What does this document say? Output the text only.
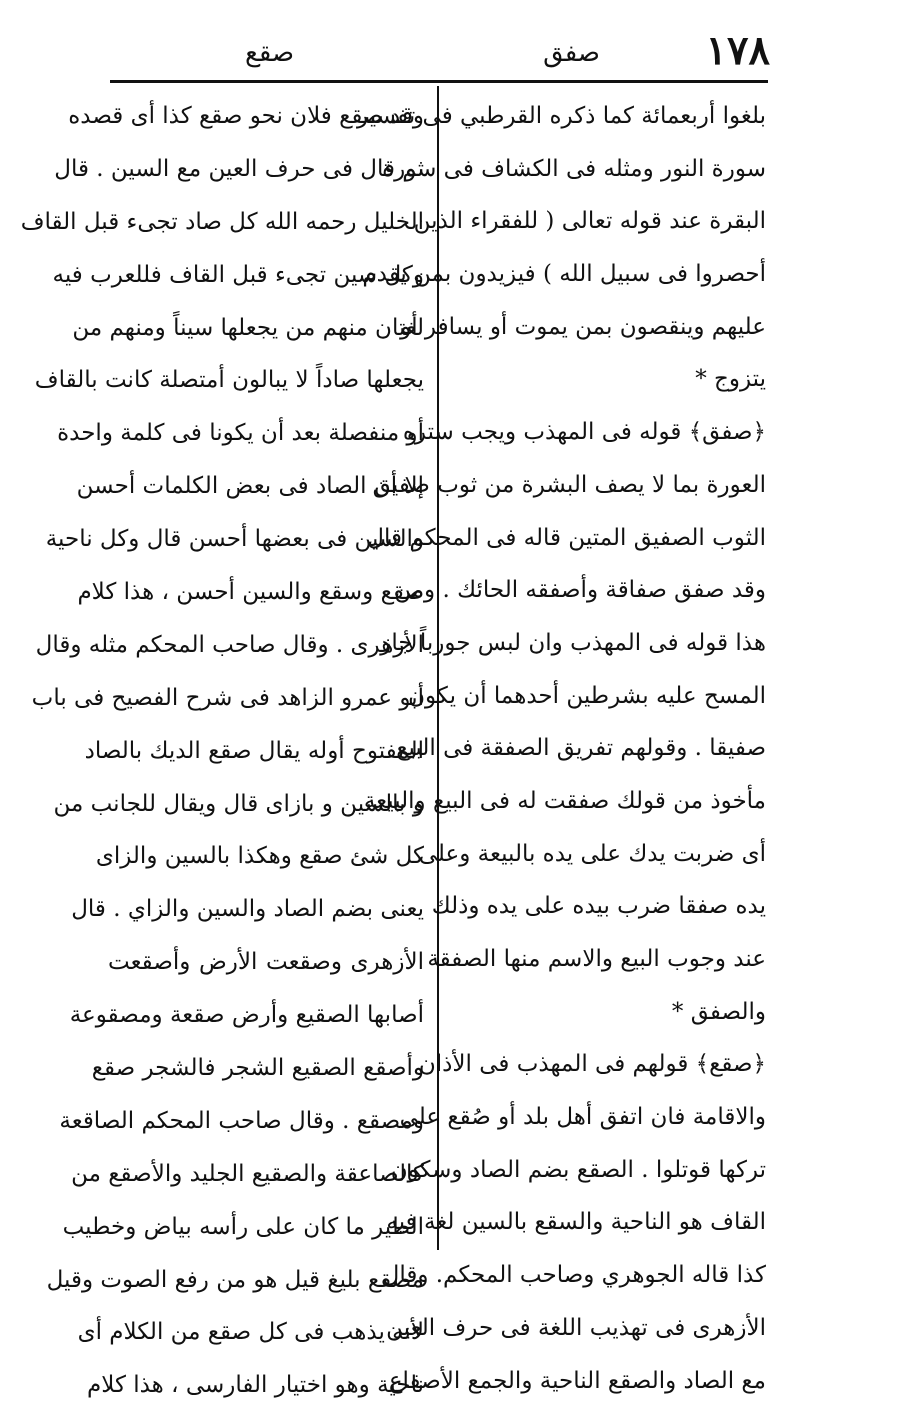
١٧٨
صفق
صقع
بلغوا أربعمائة كما ذكره القرطبي فى تفسير
سورة النور ومثله فى الكشاف فى سورة
البقرة عند قوله تعالى ( للفقراء الذين
أحصروا فى سبيل الله ) فيزيدون بمن يقدم
عليهم وينقصون بمن يموت أو يسافر أو
يتزوج *
﴿صفق﴾ قوله فى المهذب ويجب ستره
العورة بما لا يصف البشرة من ثوب صفيق
الثوب الصفيق المتين قاله فى المحكم قال
وقد صفق صفاقة وأصفقه الحائك . ومن
هذا قوله فى المهذب وان لبس جورباً جاز
المسح عليه بشرطين أحدهما أن يكون
صفيقا . وقولهم تفريق الصفقة فى البيع
مأخوذ من قولك صفقت له فى البيع والبيعة
أى ضربت يدك على يده بالبيعة وعلى
يده صفقا ضرب بيده على يده وذلك
عند وجوب البيع والاسم منها الصفقة
والصفق *
﴿صقع﴾ قولهم فى المهذب فى الأذان
والاقامة فان اتفق أهل بلد أو صُقع على
تركها قوتلوا . الصقع بضم الصاد وسكون
القاف هو الناحية والسقع بالسين لغة فيه
كذا قاله الجوهري وصاحب المحكم. وقال
الأزهرى فى تهذيب اللغة فى حرف العين
مع الصاد والصقع الناحية والجمع الأصقاع
وقد صقع فلان نحو صقع كذا أى قصده
ثم قال فى حرف العين مع السين . قال
الخليل رحمه الله كل صاد تجىء قبل القاف
وكل سين تجىء قبل القاف فللعرب فيه
لغتان منهم من يجعلها سيناً ومنهم من
يجعلها صاداً لا يبالون أمتصلة كانت بالقاف
أو منفصلة بعد أن يكونا فى كلمة واحدة
إلا أن الصاد فى بعض الكلمات أحسن
والسين فى بعضها أحسن قال وكل ناحية
صقع وسقع والسين أحسن ، هذا كلام
الأزهرى . وقال صاحب المحكم مثله وقال
أبو عمرو الزاهد فى شرح الفصيح فى باب
المفتوح أوله يقال صقع الديك بالصاد
و بالسين و بازاى قال ويقال للجانب من
كل شئ صقع وهكذا بالسين والزاى
يعنى بضم الصاد والسين والزاي . قال
الأزهرى وصقعت الأرض وأصقعت
أصابها الصقيع وأرض صقعة ومصقوعة
وأصقع الصقيع الشجر فالشجر صقع
ومصقع . وقال صاحب المحكم الصاقعة
كالصاعقة والصقيع الجليد والأصقع من
الطير ما كان على رأسه بياض وخطيب
مصقع بليغ قيل هو من رفع الصوت وقيل
لأنه يذهب فى كل صقع من الكلام أى
ناحية وهو اختيار الفارسى ، هذا كلام
